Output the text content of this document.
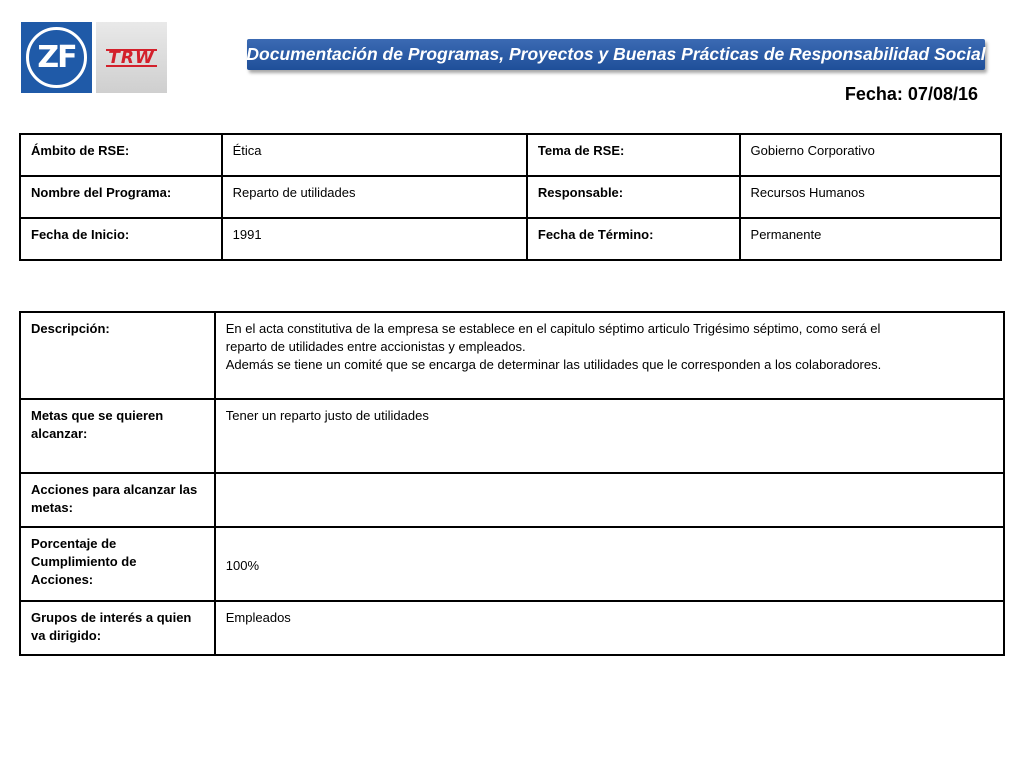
ZF	TRW	Documentación de Programas, Proyectos y Buenas Prácticas de Responsabilidad Social
Fecha: 07/08/16
Ámbito de RSE:	Ética	Tema de RSE:	Gobierno Corporativo
Nombre del Programa:	Reparto de utilidades	Responsable:	Recursos Humanos
Fecha de Inicio:	1991	Fecha de Término:	Permanente
Descripción:	En el acta constitutiva de la empresa se establece en el capitulo séptimo articulo Trigésimo séptimo, como será el
reparto de utilidades entre accionistas y empleados.
Además se tiene un comité que se encarga de determinar las utilidades que le corresponden a los colaboradores.

Metas que se quieren
alcanzar:	Tener un reparto justo de utilidades

Acciones para alcanzar las
metas:	

Porcentaje de
Cumplimiento de
Acciones:	100%

Grupos de interés a quien
va dirigido:	Empleados
